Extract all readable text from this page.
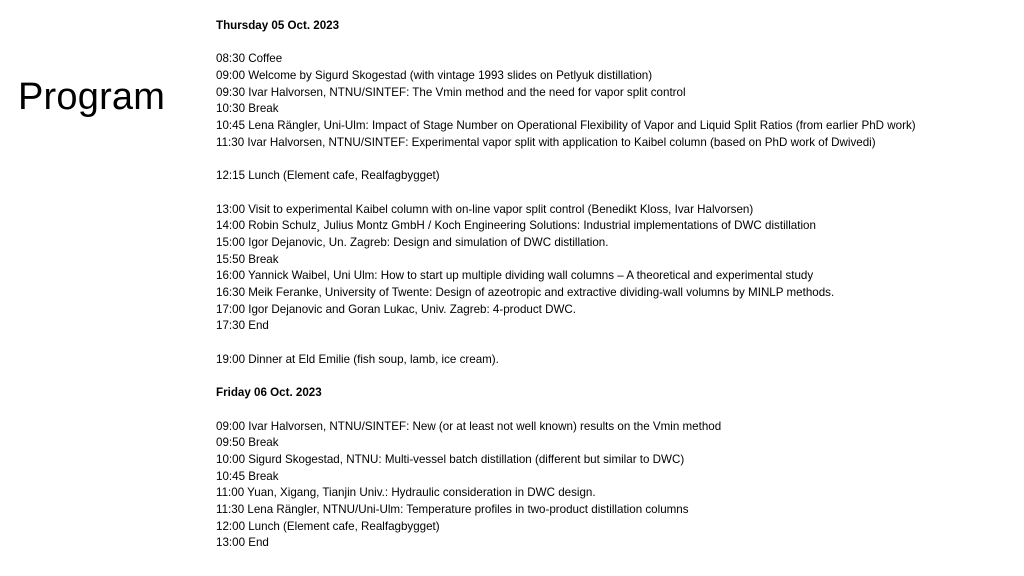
Program
Thursday 05 Oct. 2023
08:30 Coffee
09:00 Welcome by Sigurd Skogestad (with vintage 1993 slides on Petlyuk distillation)
09:30 Ivar Halvorsen, NTNU/SINTEF: The Vmin method and the need for vapor split control
10:30 Break
10:45 Lena Rängler, Uni-Ulm: Impact of Stage Number on Operational Flexibility of Vapor and Liquid Split Ratios (from earlier PhD work)
11:30 Ivar Halvorsen, NTNU/SINTEF: Experimental vapor split with application to Kaibel column (based on PhD work of Dwivedi)
12:15 Lunch (Element cafe, Realfagbygget)
13:00 Visit to experimental Kaibel column with on-line vapor split control (Benedikt Kloss, Ivar Halvorsen)
14:00 Robin Schulz¸ Julius Montz GmbH / Koch Engineering Solutions: Industrial implementations of DWC distillation
15:00 Igor Dejanovic, Un. Zagreb: Design and simulation of DWC distillation.
15:50 Break
16:00 Yannick Waibel, Uni Ulm: How to start up multiple dividing wall columns – A theoretical and experimental study
16:30 Meik Feranke, University of Twente: Design of azeotropic and extractive dividing-wall volumns by MINLP methods.
17:00 Igor Dejanovic and Goran Lukac, Univ. Zagreb: 4-product DWC.
17:30 End
19:00 Dinner at Eld Emilie (fish soup, lamb, ice cream).
Friday 06 Oct. 2023
09:00 Ivar Halvorsen, NTNU/SINTEF: New (or at least not well known) results on the Vmin method
09:50 Break
10:00 Sigurd Skogestad, NTNU: Multi-vessel batch distillation (different but similar to DWC)
10:45 Break
11:00 Yuan, Xigang, Tianjin Univ.: Hydraulic consideration in DWC design.
11:30 Lena Rängler, NTNU/Uni-Ulm: Temperature profiles in two-product distillation columns
12:00 Lunch (Element cafe, Realfagbygget)
13:00 End
